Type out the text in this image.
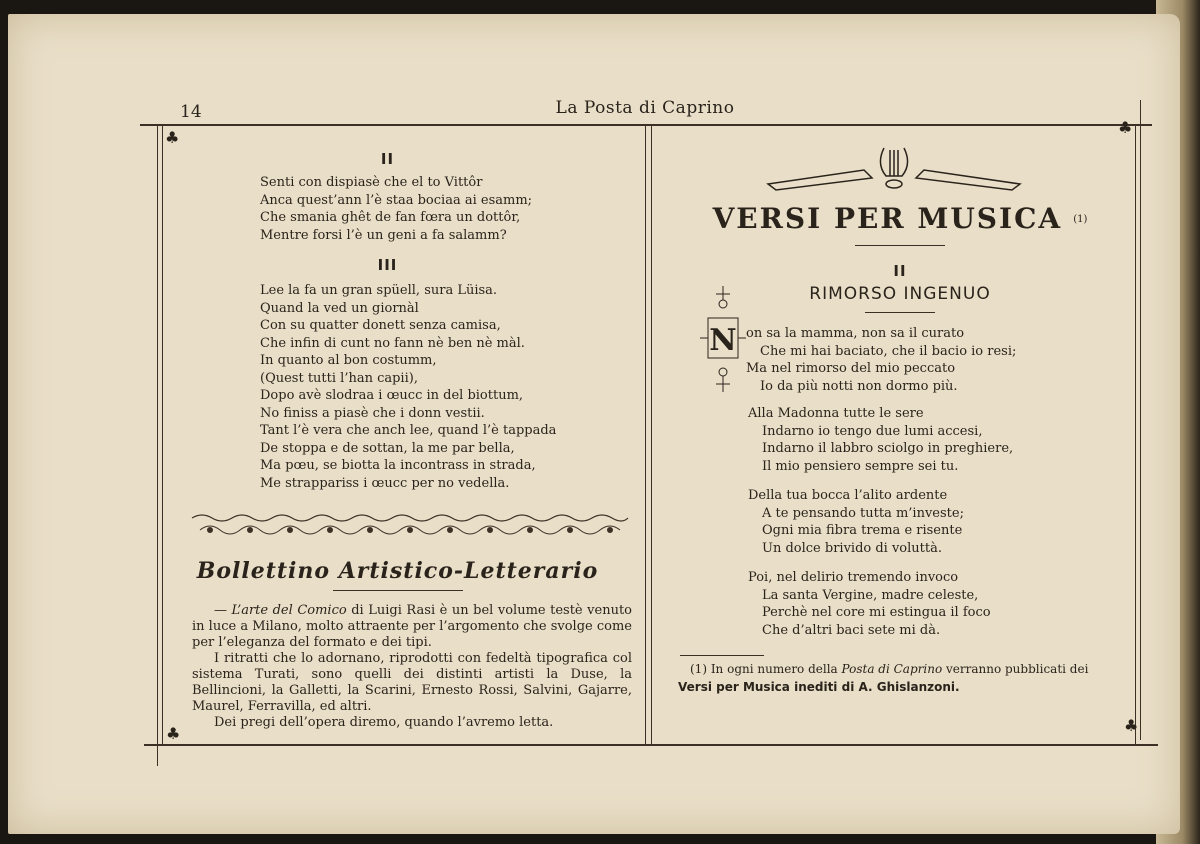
14	La Posta di Caprino
♣
♣
♣
♣
II
Senti con dispiasè che el to Vittôr
Anca quest’ann l’è staa bociaa ai esamm;
Che smania ghêt de fan fœra un dottôr,
Mentre forsi l’è un geni a fa salamm?
III
Lee la fa un gran spüell, sura Lüisa.
Quand la ved un giornàl
Con su quatter donett senza camisa,
Che infin di cunt no fann nè ben nè màl.
In quanto al bon costumm,
(Quest tutti l’han capii),
Dopo avè slodraa i œucc in del biottum,
No finiss a piasè che i donn vestii.
Tant l’è vera che anch lee, quand l’è tappada
De stoppa e de sottan, la me par bella,
Ma pœu, se biotta la incontrass in strada,
Me strappariss i œucc per no vedella.
Bollettino Artistico-Letterario

— L’arte del Comico di Luigi Rasi è un bel volume testè venuto in luce a Milano, molto attraente per l’argomento che svolge come per l’eleganza del formato e dei tipi.

I ritratti che lo adornano, riprodotti con fedeltà tipografica col sistema Turati, sono quelli dei distinti artisti la Duse, la Bellincioni, la Galletti, la Scarini, Ernesto Rossi, Salvini, Gajarre, Maurel, Ferravilla, ed altri.

Dei pregi dell’opera diremo, quando l’avremo letta.

VERSI PER MUSICA $^{(1)}$
II
RIMORSO INGENUO
N on sa la mamma, non sa il curato
Che mi hai baciato, che il bacio io resi;
Ma nel rimorso del mio peccato
Io da più notti non dormo più.
Alla Madonna tutte le sere
Indarno io tengo due lumi accesi,
Indarno il labbro sciolgo in preghiere,
Il mio pensiero sempre sei tu.
Della tua bocca l’alito ardente
A te pensando tutta m’investe;
Ogni mia fibra trema e risente
Un dolce brivido di voluttà.
Poi, nel delirio tremendo invoco
La santa Vergine, madre celeste,
Perchè nel core mi estingua il foco
Che d’altri baci sete mi dà.
(1) In ogni numero della Posta di Caprino verranno pubblicati dei Versi per Musica inediti di A. Ghislanzoni.
